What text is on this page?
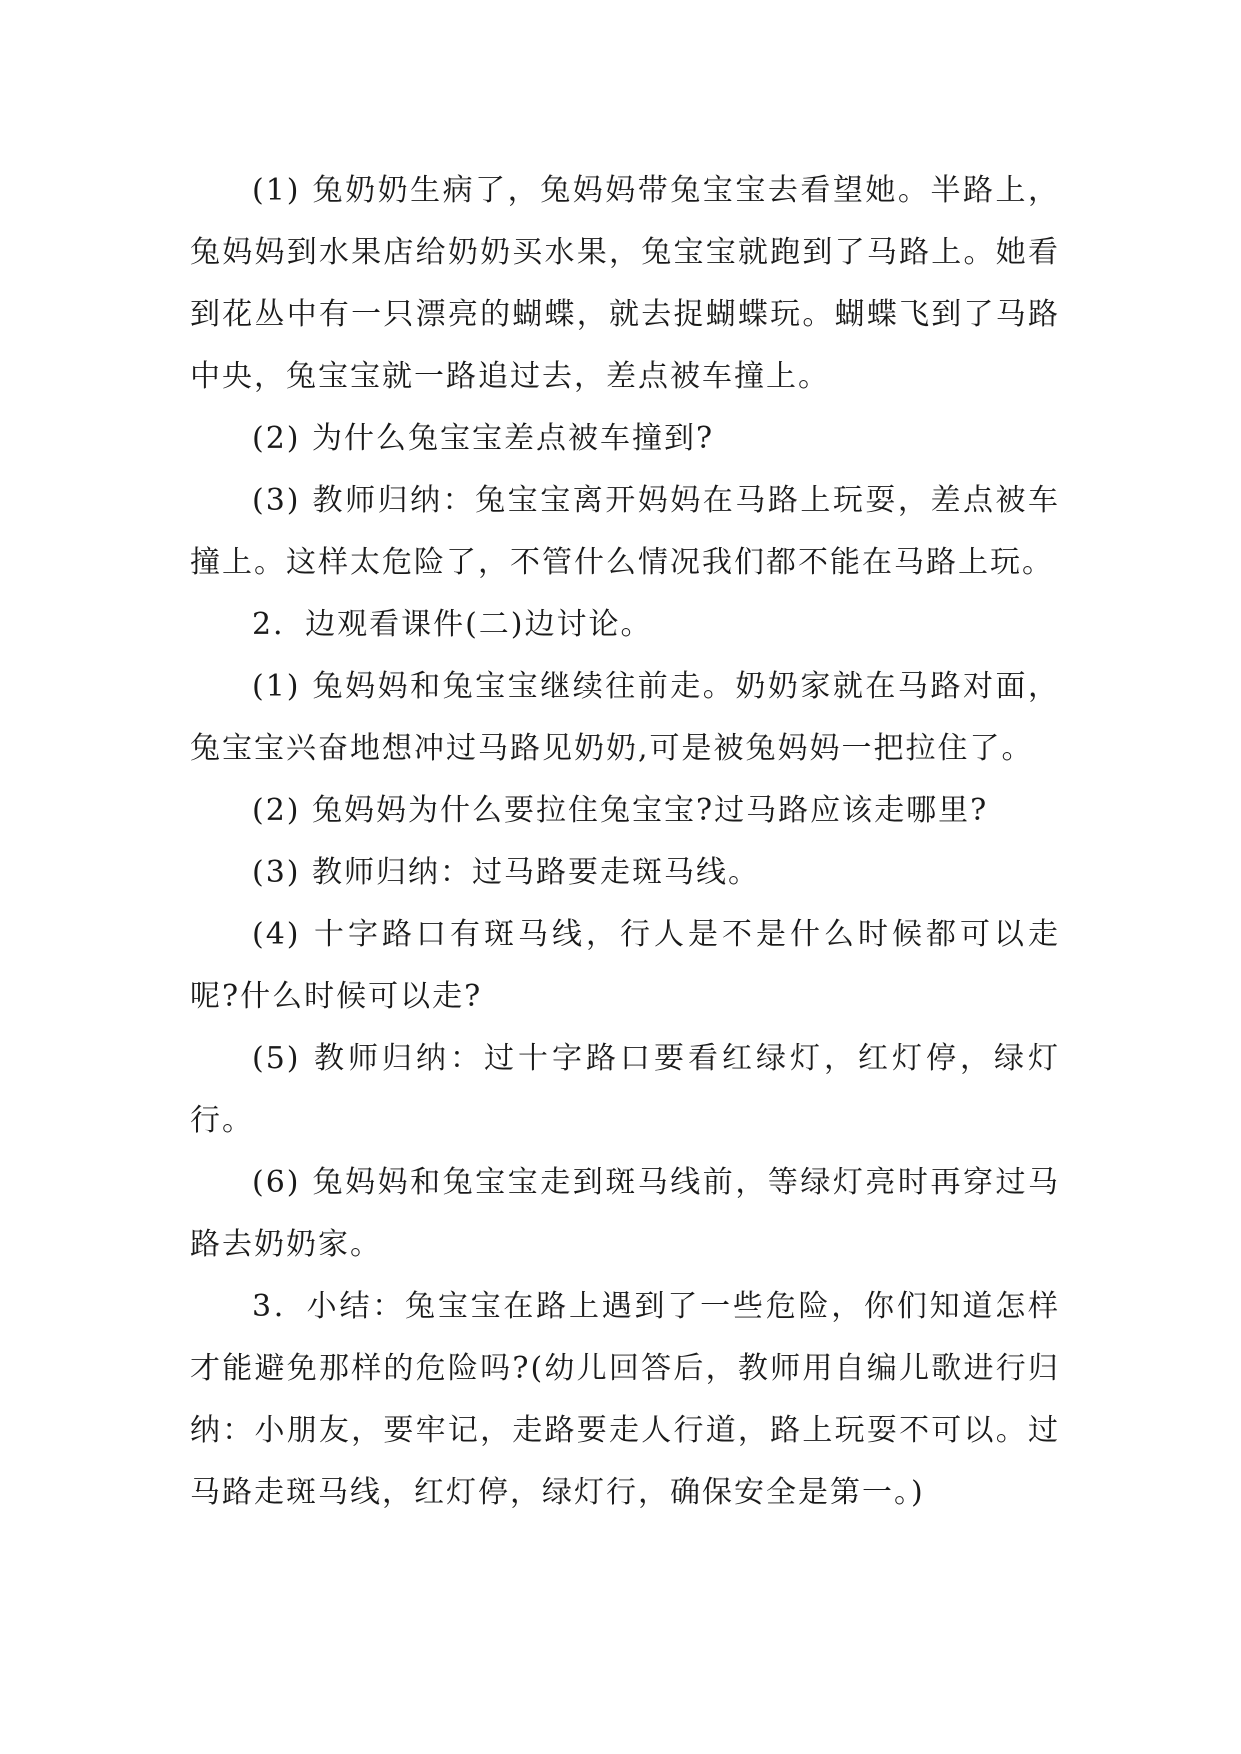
(1) 兔奶奶生病了，兔妈妈带兔宝宝去看望她。半路上，兔妈妈到水果店给奶奶买水果，兔宝宝就跑到了马路上。她看到花丛中有一只漂亮的蝴蝶，就去捉蝴蝶玩。蝴蝶飞到了马路中央，兔宝宝就一路追过去，差点被车撞上。

(2) 为什么兔宝宝差点被车撞到?

(3) 教师归纳：兔宝宝离开妈妈在马路上玩耍，差点被车撞上。这样太危险了，不管什么情况我们都不能在马路上玩。

2．边观看课件(二)边讨论。

(1) 兔妈妈和兔宝宝继续往前走。奶奶家就在马路对面，兔宝宝兴奋地想冲过马路见奶奶,可是被兔妈妈一把拉住了。

(2) 兔妈妈为什么要拉住兔宝宝?过马路应该走哪里?

(3) 教师归纳：过马路要走斑马线。

(4) 十字路口有斑马线，行人是不是什么时候都可以走呢?什么时候可以走?

(5) 教师归纳：过十字路口要看红绿灯，红灯停，绿灯行。

(6) 兔妈妈和兔宝宝走到斑马线前，等绿灯亮时再穿过马路去奶奶家。

3．小结：兔宝宝在路上遇到了一些危险，你们知道怎样才能避免那样的危险吗?(幼儿回答后，教师用自编儿歌进行归纳：小朋友，要牢记，走路要走人行道，路上玩耍不可以。过马路走斑马线，红灯停，绿灯行，确保安全是第一。)
